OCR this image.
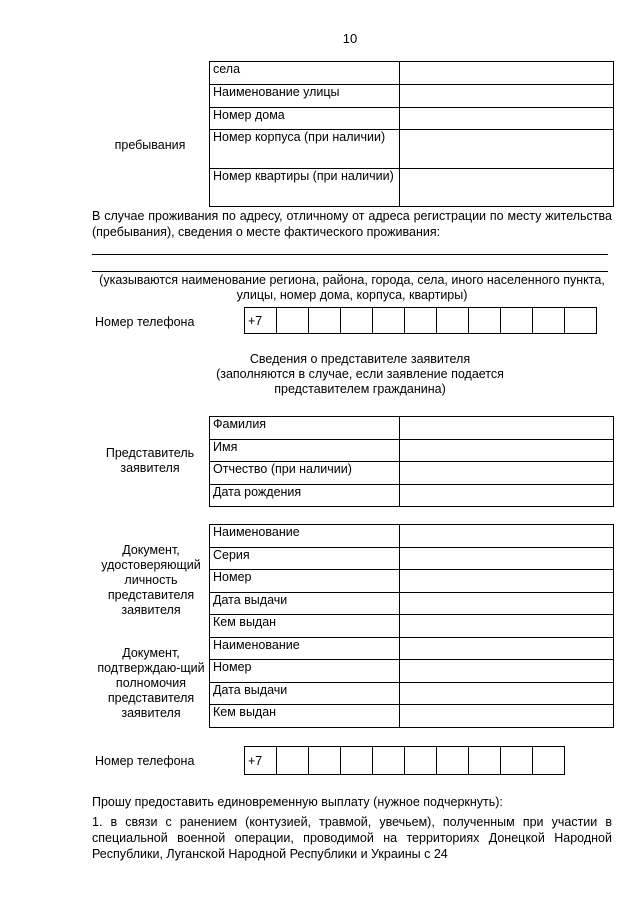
10
пребывания
села	
Наименование улицы	
Номер дома	
Номер корпуса (при наличии)	
Номер квартиры (при наличии)	
В случае проживания по адресу, отличному от адреса регистрации по месту жительства (пребывания), сведения о месте фактического проживания:
(указываются наименование региона, района, города, села, иного населенного пункта, улицы, номер дома, корпуса, квартиры)
Номер телефона	+7										
Сведения о представителе заявителя
(заполняются в случае, если заявление подается
представителем гражданина)
Представитель заявителя
Фамилия	
Имя	
Отчество (при наличии)	
Дата рождения	
Документ, удостоверяющий личность представителя заявителя
Документ, подтверждаю-щий полномочия представителя заявителя
Наименование	
Серия	
Номер	
Дата выдачи	
Кем выдан	
Наименование	
Номер	
Дата выдачи	
Кем выдан	
Номер телефона	+7									
Прошу предоставить единовременную выплату (нужное подчеркнуть):
1. в связи с ранением (контузией, травмой, увечьем), полученным при участии в специальной военной операции, проводимой на территориях Донецкой Народной Республики, Луганской Народной Республики и Украины с 24
